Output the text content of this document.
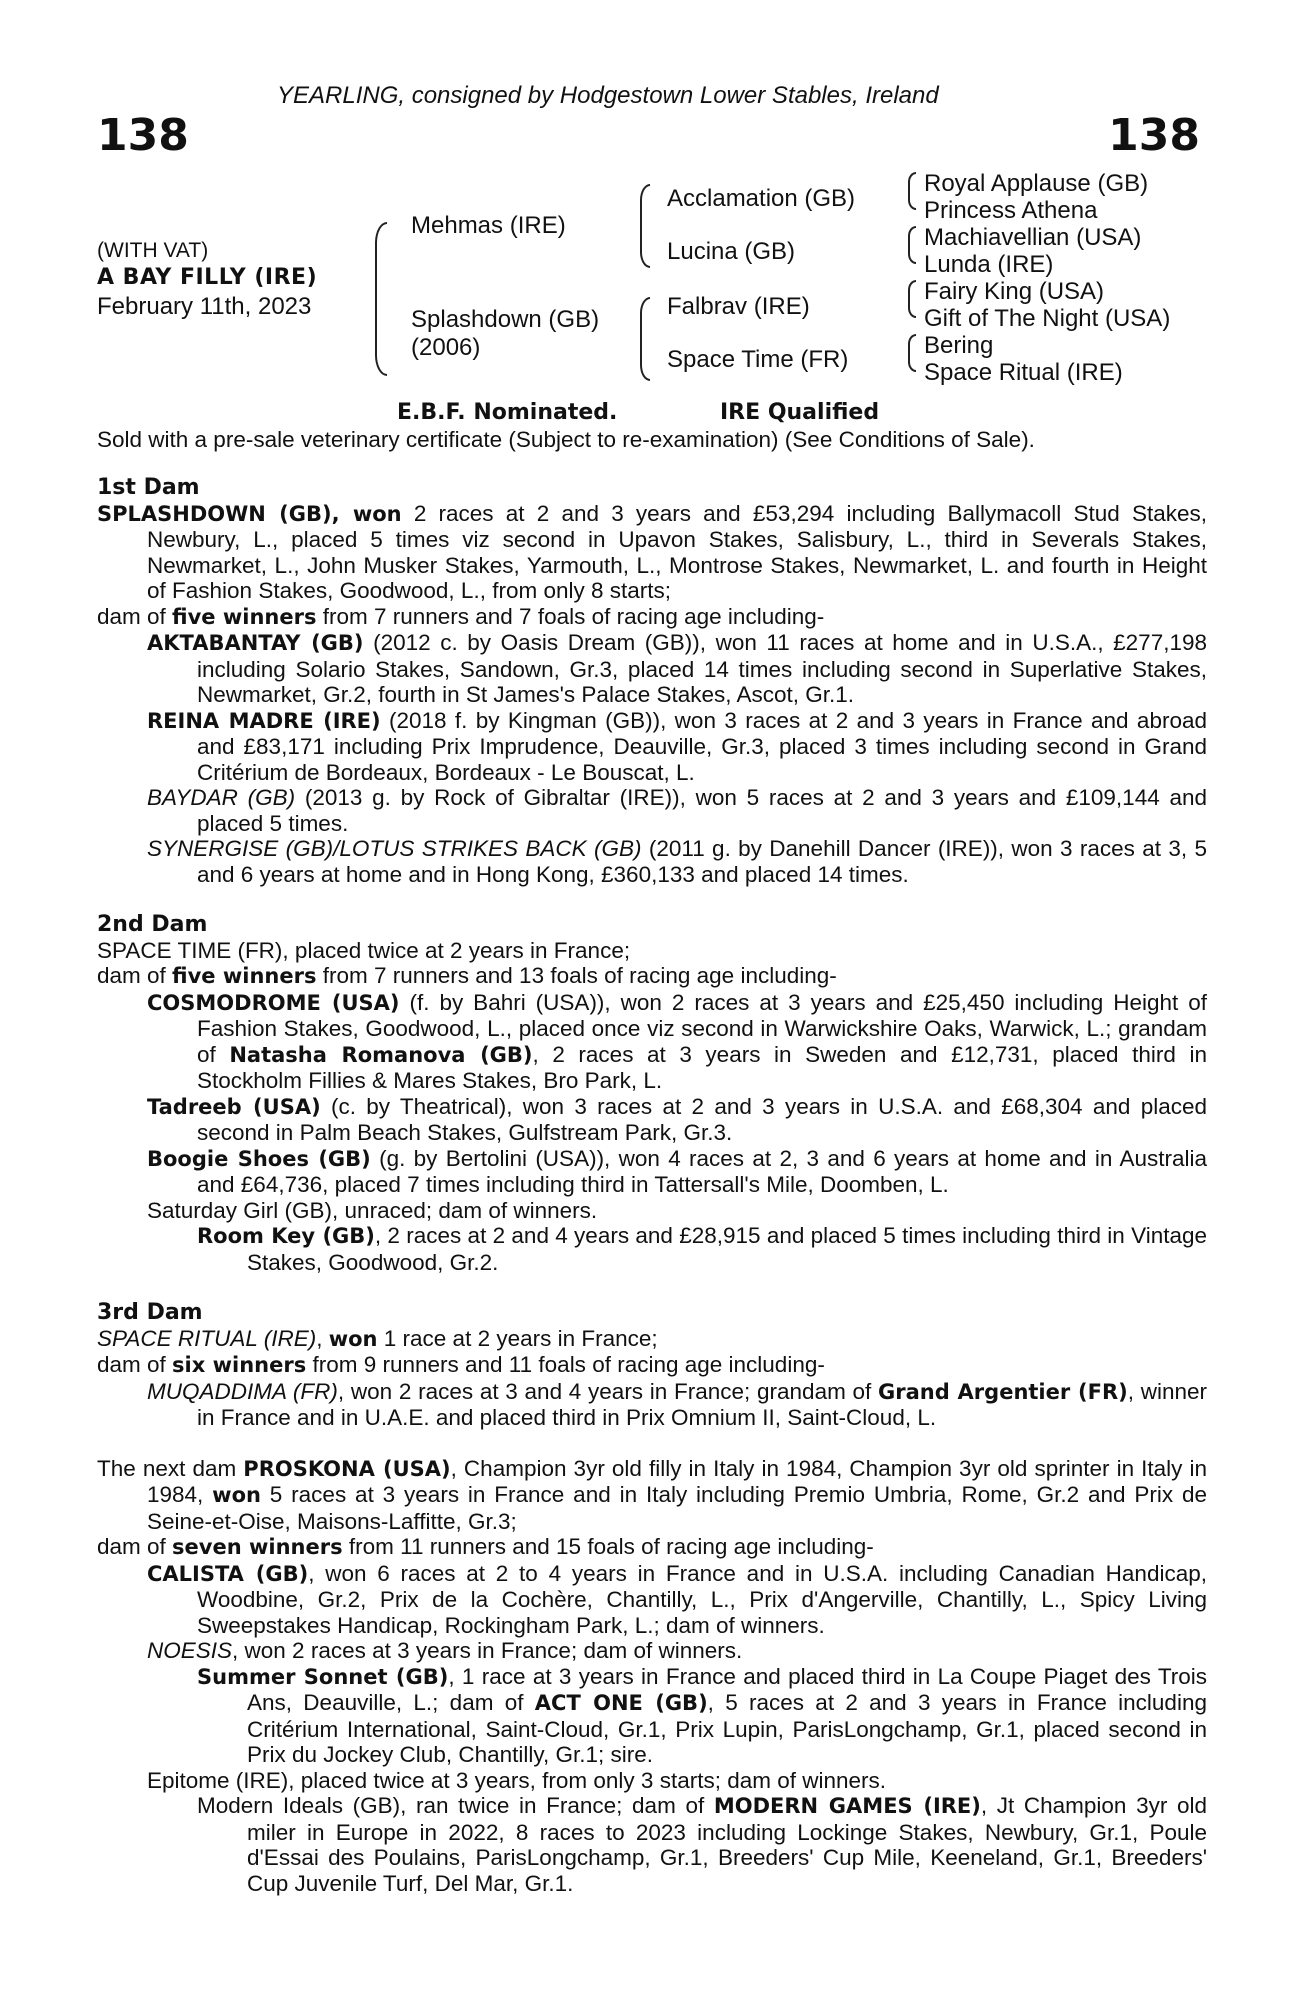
YEARLING, consigned by Hodgestown Lower Stables, Ireland
138	138
(WITH VAT)
A BAY FILLY (IRE)
February 11th, 2023
Mehmas (IRE)
Splashdown (GB)
(2006)
Acclamation (GB)
Lucina (GB)
Falbrav (IRE)
Space Time (FR)
Royal Applause (GB)
Princess Athena
Machiavellian (USA)
Lunda (IRE)
Fairy King (USA)
Gift of The Night (USA)
Bering
Space Ritual (IRE)
E.B.F. Nominated.	IRE Qualified
Sold with a pre-sale veterinary certificate (Subject to re-examination) (See Conditions of Sale).
1st Dam
SPLASHDOWN (GB), won 2 races at 2 and 3 years and £53,294 including Ballymacoll Stud Stakes, Newbury, L., placed 5 times viz second in Upavon Stakes, Salisbury, L., third in Severals Stakes, Newmarket, L., John Musker Stakes, Yarmouth, L., Montrose Stakes, Newmarket, L. and fourth in Height of Fashion Stakes, Goodwood, L., from only 8 starts;
dam of five winners from 7 runners and 7 foals of racing age including-
AKTABANTAY (GB) (2012 c. by Oasis Dream (GB)), won 11 races at home and in U.S.A., £277,198 including Solario Stakes, Sandown, Gr.3, placed 14 times including second in Superlative Stakes, Newmarket, Gr.2, fourth in St James's Palace Stakes, Ascot, Gr.1.
REINA MADRE (IRE) (2018 f. by Kingman (GB)), won 3 races at 2 and 3 years in France and abroad and £83,171 including Prix Imprudence, Deauville, Gr.3, placed 3 times including second in Grand Critérium de Bordeaux, Bordeaux - Le Bouscat, L.
BAYDAR (GB) (2013 g. by Rock of Gibraltar (IRE)), won 5 races at 2 and 3 years and £109,144 and placed 5 times.
SYNERGISE (GB)/LOTUS STRIKES BACK (GB) (2011 g. by Danehill Dancer (IRE)), won 3 races at 3, 5 and 6 years at home and in Hong Kong, £360,133 and placed 14 times.
2nd Dam
SPACE TIME (FR), placed twice at 2 years in France;
dam of five winners from 7 runners and 13 foals of racing age including-
COSMODROME (USA) (f. by Bahri (USA)), won 2 races at 3 years and £25,450 including Height of Fashion Stakes, Goodwood, L., placed once viz second in Warwickshire Oaks, Warwick, L.; grandam of Natasha Romanova (GB), 2 races at 3 years in Sweden and £12,731, placed third in Stockholm Fillies & Mares Stakes, Bro Park, L.
Tadreeb (USA) (c. by Theatrical), won 3 races at 2 and 3 years in U.S.A. and £68,304 and placed second in Palm Beach Stakes, Gulfstream Park, Gr.3.
Boogie Shoes (GB) (g. by Bertolini (USA)), won 4 races at 2, 3 and 6 years at home and in Australia and £64,736, placed 7 times including third in Tattersall's Mile, Doomben, L.
Saturday Girl (GB), unraced; dam of winners.
Room Key (GB), 2 races at 2 and 4 years and £28,915 and placed 5 times including third in Vintage Stakes, Goodwood, Gr.2.
3rd Dam
SPACE RITUAL (IRE), won 1 race at 2 years in France;
dam of six winners from 9 runners and 11 foals of racing age including-
MUQADDIMA (FR), won 2 races at 3 and 4 years in France; grandam of Grand Argentier (FR), winner in France and in U.A.E. and placed third in Prix Omnium II, Saint-Cloud, L.
The next dam PROSKONA (USA), Champion 3yr old filly in Italy in 1984, Champion 3yr old sprinter in Italy in 1984, won 5 races at 3 years in France and in Italy including Premio Umbria, Rome, Gr.2 and Prix de Seine-et-Oise, Maisons-Laffitte, Gr.3;
dam of seven winners from 11 runners and 15 foals of racing age including-
CALISTA (GB), won 6 races at 2 to 4 years in France and in U.S.A. including Canadian Handicap, Woodbine, Gr.2, Prix de la Cochère, Chantilly, L., Prix d'Angerville, Chantilly, L., Spicy Living Sweepstakes Handicap, Rockingham Park, L.; dam of winners.
NOESIS, won 2 races at 3 years in France; dam of winners.
Summer Sonnet (GB), 1 race at 3 years in France and placed third in La Coupe Piaget des Trois Ans, Deauville, L.; dam of ACT ONE (GB), 5 races at 2 and 3 years in France including Critérium International, Saint-Cloud, Gr.1, Prix Lupin, ParisLongchamp, Gr.1, placed second in Prix du Jockey Club, Chantilly, Gr.1; sire.
Epitome (IRE), placed twice at 3 years, from only 3 starts; dam of winners.
Modern Ideals (GB), ran twice in France; dam of MODERN GAMES (IRE), Jt Champion 3yr old miler in Europe in 2022, 8 races to 2023 including Lockinge Stakes, Newbury, Gr.1, Poule d'Essai des Poulains, ParisLongchamp, Gr.1, Breeders' Cup Mile, Keeneland, Gr.1, Breeders' Cup Juvenile Turf, Del Mar, Gr.1.
